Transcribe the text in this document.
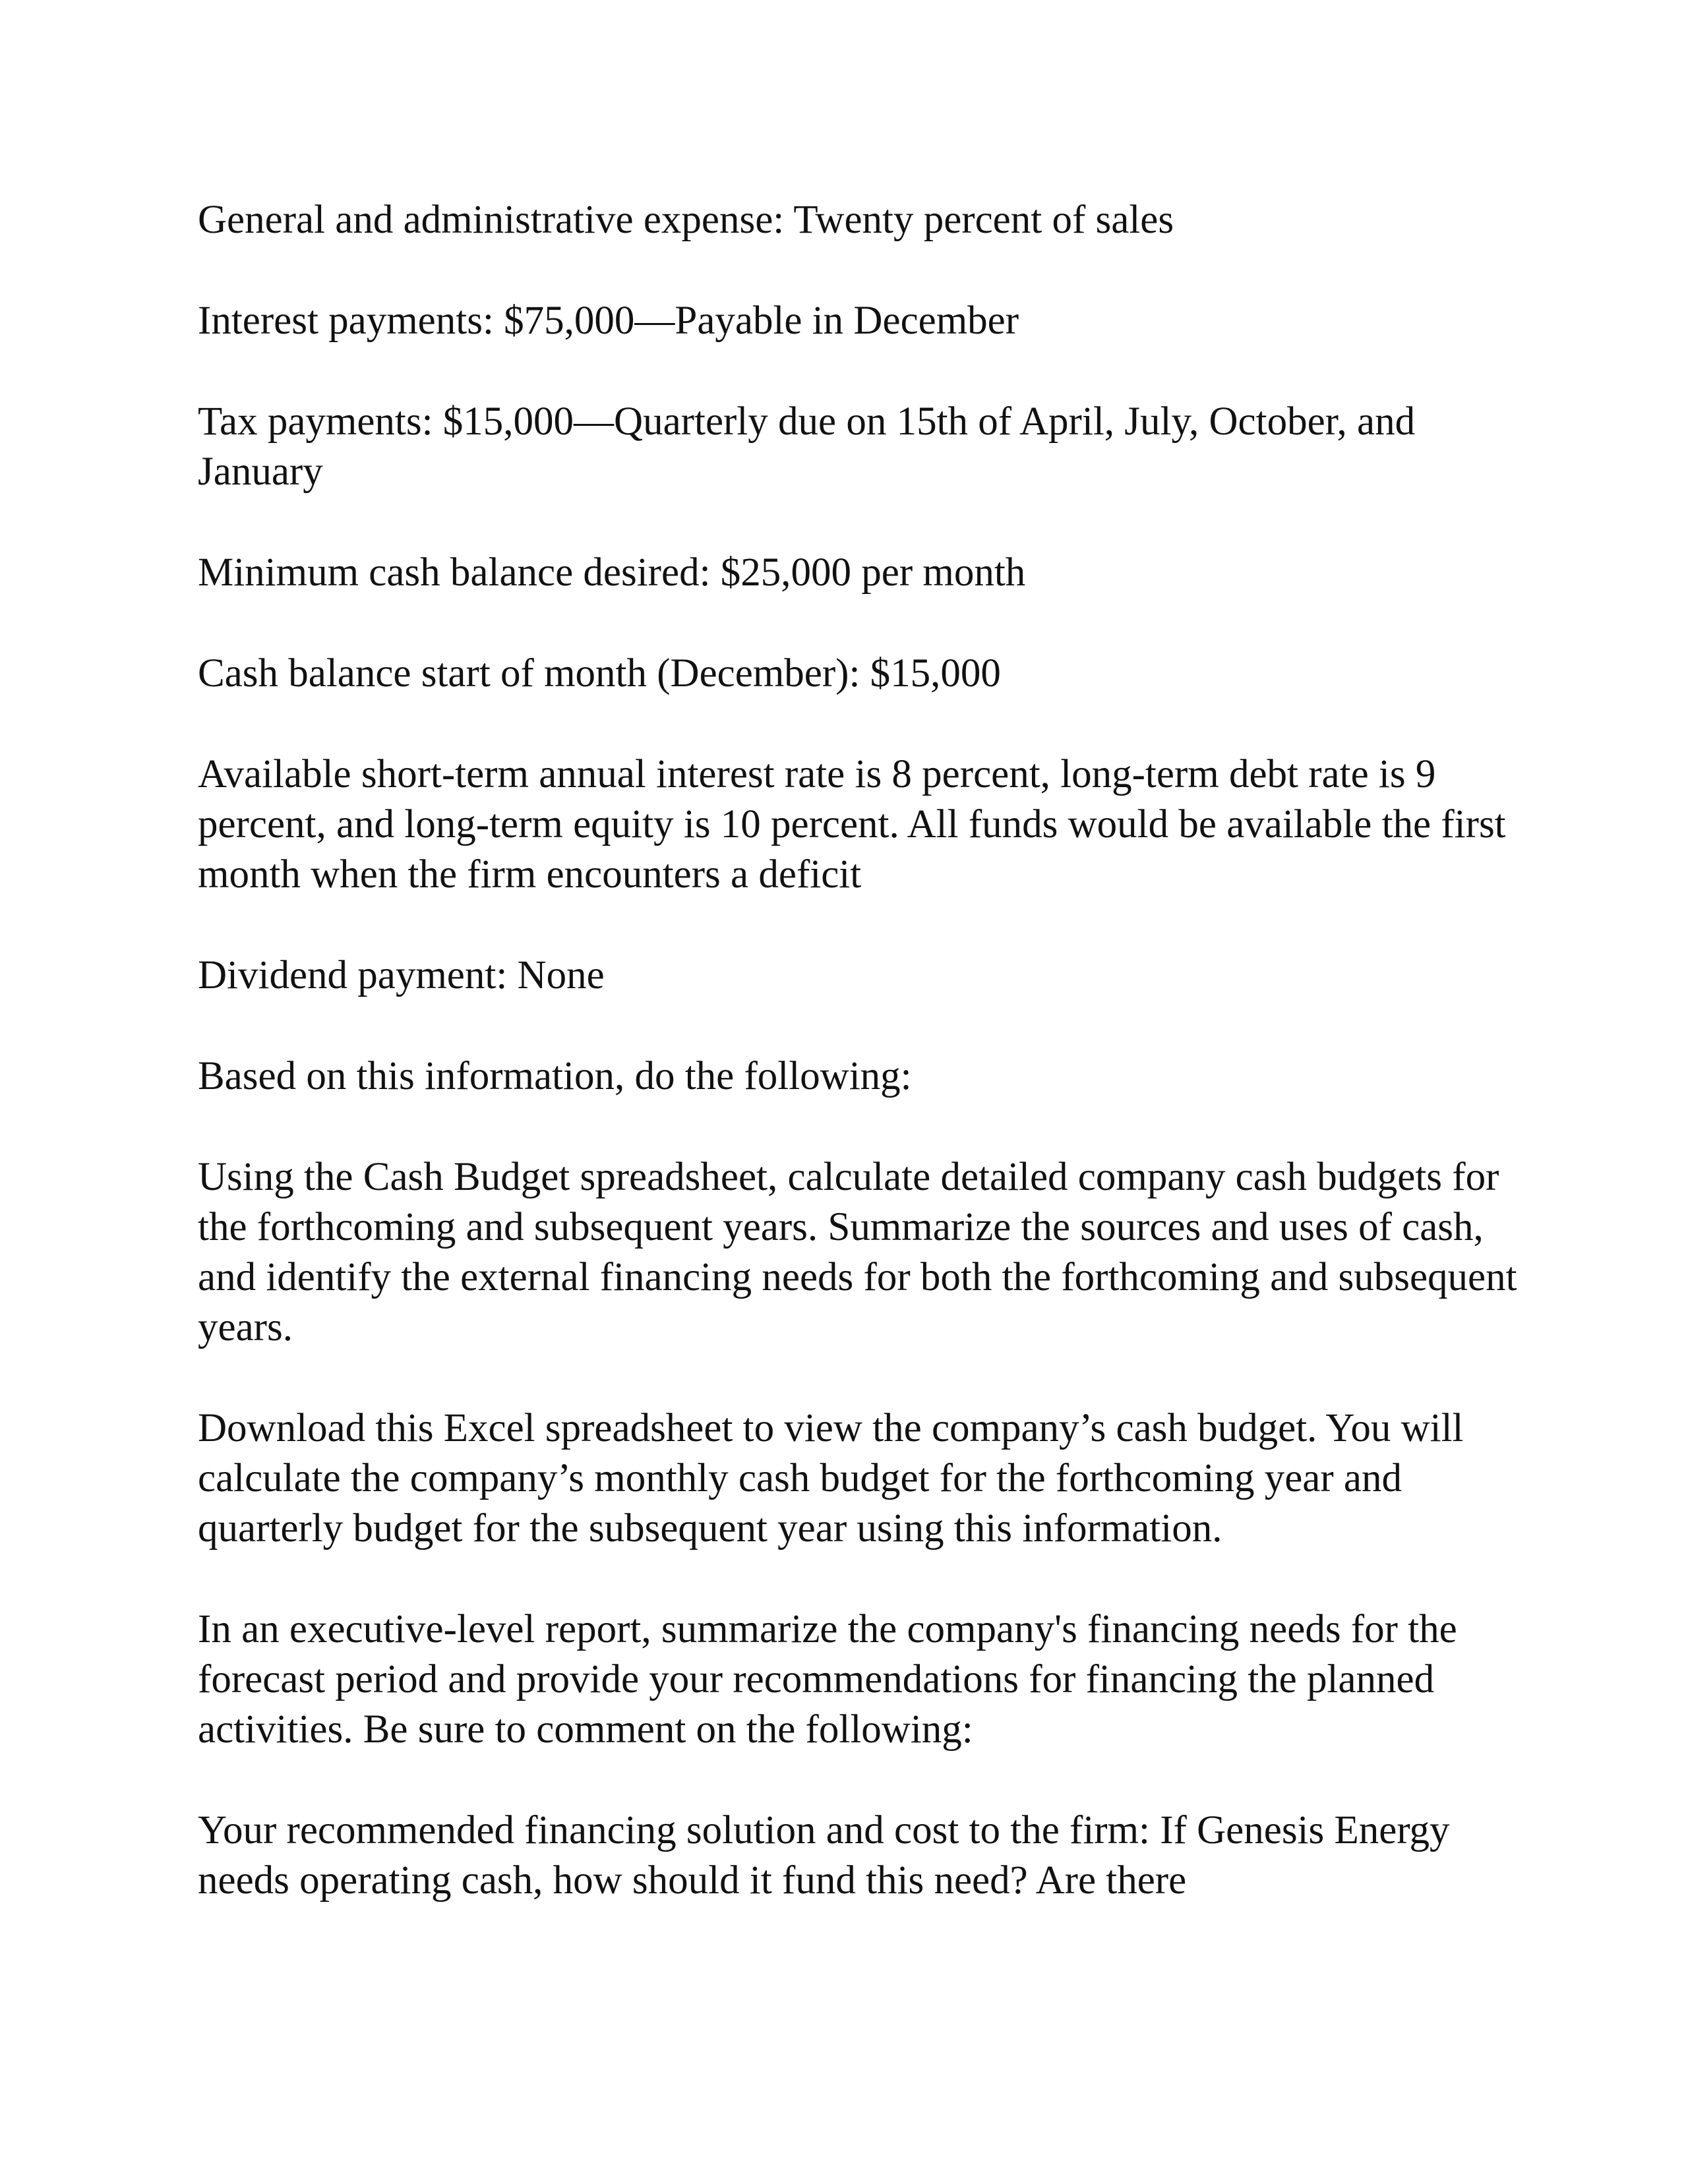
General and administrative expense: Twenty percent of sales

Interest payments: $75,000—Payable in December

Tax payments: $15,000—Quarterly due on 15th of April, July, October, and January

Minimum cash balance desired: $25,000 per month

Cash balance start of month (December): $15,000

Available short-term annual interest rate is 8 percent, long-term debt rate is 9 percent, and long-term equity is 10 percent. All funds would be available the first month when the firm encounters a deficit

Dividend payment: None

Based on this information, do the following:

Using the Cash Budget spreadsheet, calculate detailed company cash budgets for the forthcoming and subsequent years. Summarize the sources and uses of cash, and identify the external financing needs for both the forthcoming and subsequent years.

Download this Excel spreadsheet to view the company’s cash budget. You will calculate the company’s monthly cash budget for the forthcoming year and quarterly budget for the subsequent year using this information.

In an executive-level report, summarize the company's financing needs for the forecast period and provide your recommendations for financing the planned activities. Be sure to comment on the following:

Your recommended financing solution and cost to the firm: If Genesis Energy needs operating cash, how should it fund this need? Are there
